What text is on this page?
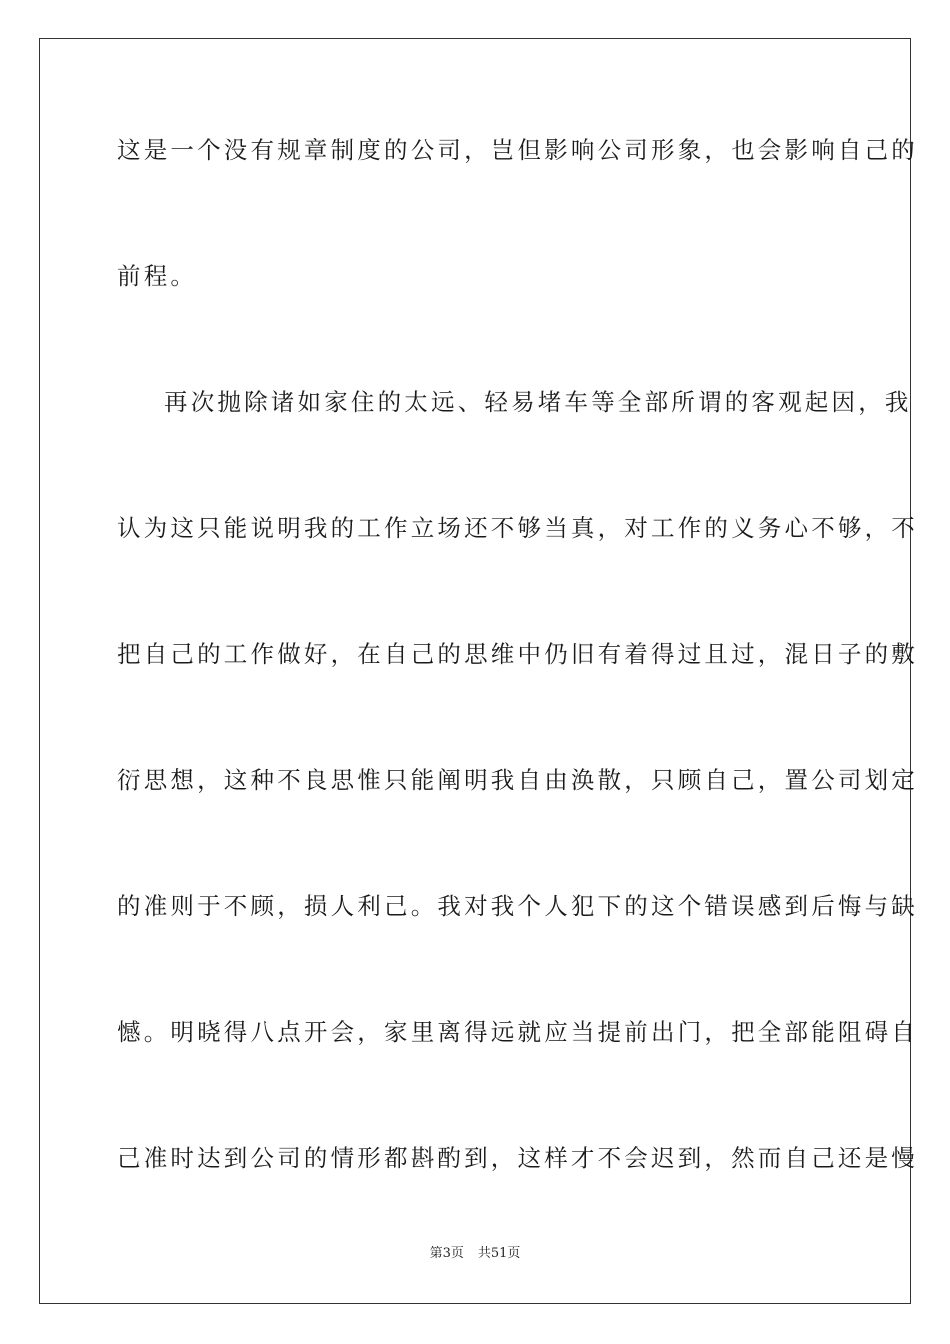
这是一个没有规章制度的公司，岂但影响公司形象，也会影响自己的
前程。
再次抛除诸如家住的太远、轻易堵车等全部所谓的客观起因，我
认为这只能说明我的工作立场还不够当真，对工作的义务心不够，不
把自己的工作做好，在自己的思维中仍旧有着得过且过，混日子的敷
衍思想，这种不良思惟只能阐明我自由涣散，只顾自己，置公司划定
的准则于不顾，损人利己。我对我个人犯下的这个错误感到后悔与缺
憾。明晓得八点开会，家里离得远就应当提前出门，把全部能阻碍自
己准时达到公司的情形都斟酌到，这样才不会迟到，然而自己还是慢
第3页 共51页
